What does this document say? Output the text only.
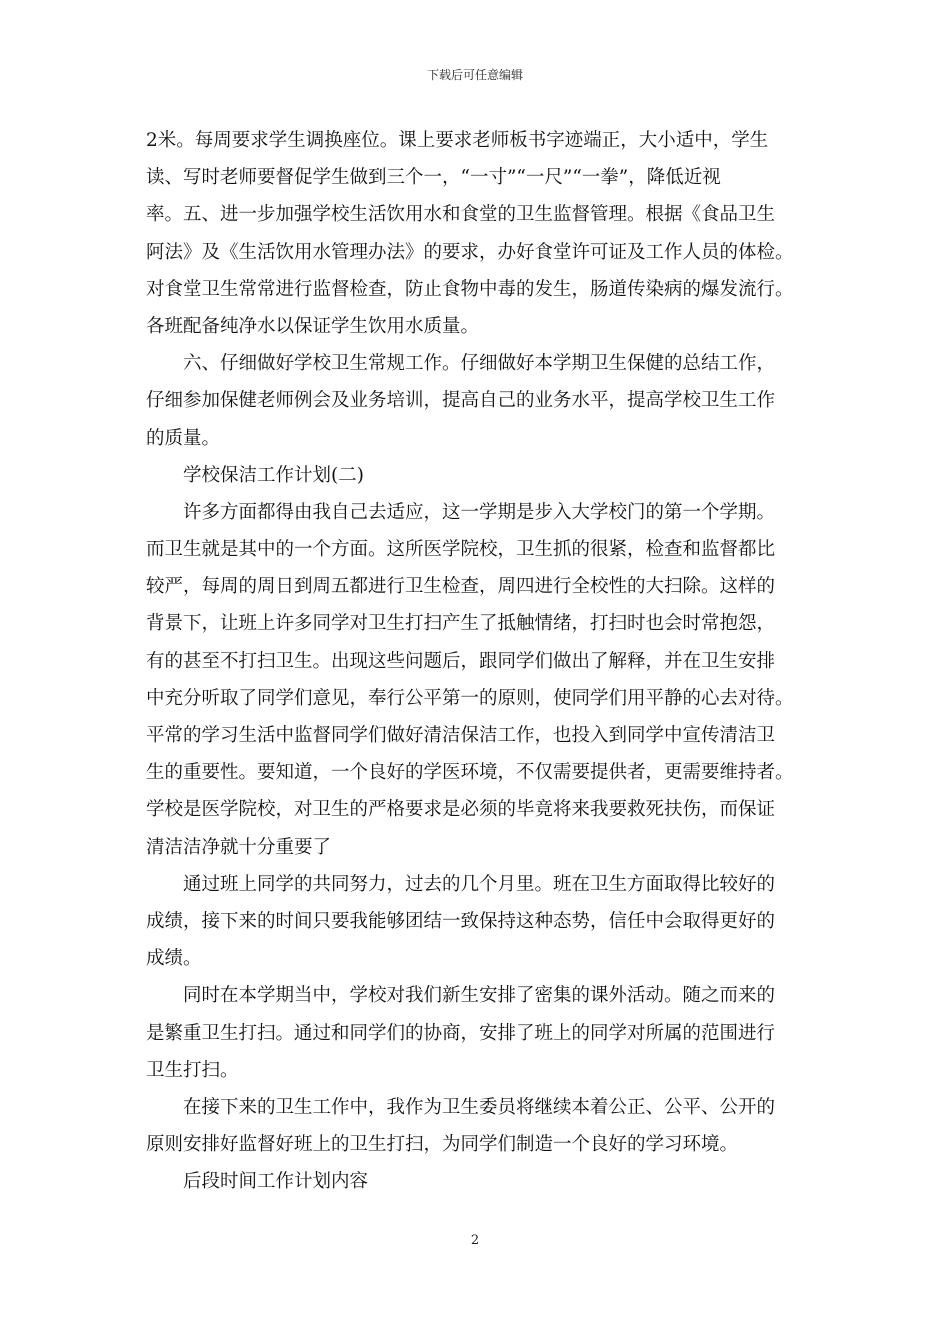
下载后可任意编辑
2米。每周要求学生调换座位。课上要求老师板书字迹端正，大小适中，学生
读、写时老师要督促学生做到三个一，“一寸”“一尺”“一拳”，降低近视
率。五、进一步加强学校生活饮用水和食堂的卫生监督管理。根据《食品卫生
阿法》及《生活饮用水管理办法》的要求，办好食堂许可证及工作人员的体检。
对食堂卫生常常进行监督检查，防止食物中毒的发生，肠道传染病的爆发流行。
各班配备纯净水以保证学生饮用水质量。
六、仔细做好学校卫生常规工作。仔细做好本学期卫生保健的总结工作，
仔细参加保健老师例会及业务培训，提高自己的业务水平，提高学校卫生工作
的质量。
学校保洁工作计划(二)
许多方面都得由我自己去适应，这一学期是步入大学校门的第一个学期。
而卫生就是其中的一个方面。这所医学院校，卫生抓的很紧，检查和监督都比
较严，每周的周日到周五都进行卫生检查，周四进行全校性的大扫除。这样的
背景下，让班上许多同学对卫生打扫产生了抵触情绪，打扫时也会时常抱怨，
有的甚至不打扫卫生。出现这些问题后，跟同学们做出了解释，并在卫生安排
中充分听取了同学们意见，奉行公平第一的原则，使同学们用平静的心去对待。
平常的学习生活中监督同学们做好清洁保洁工作，也投入到同学中宣传清洁卫
生的重要性。要知道，一个良好的学医环境，不仅需要提供者，更需要维持者。
学校是医学院校，对卫生的严格要求是必须的毕竟将来我要救死扶伤，而保证
清洁洁净就十分重要了
通过班上同学的共同努力，过去的几个月里。班在卫生方面取得比较好的
成绩，接下来的时间只要我能够团结一致保持这种态势，信任中会取得更好的
成绩。
同时在本学期当中，学校对我们新生安排了密集的课外活动。随之而来的
是繁重卫生打扫。通过和同学们的协商，安排了班上的同学对所属的范围进行
卫生打扫。
在接下来的卫生工作中，我作为卫生委员将继续本着公正、公平、公开的
原则安排好监督好班上的卫生打扫，为同学们制造一个良好的学习环境。
后段时间工作计划内容
2
